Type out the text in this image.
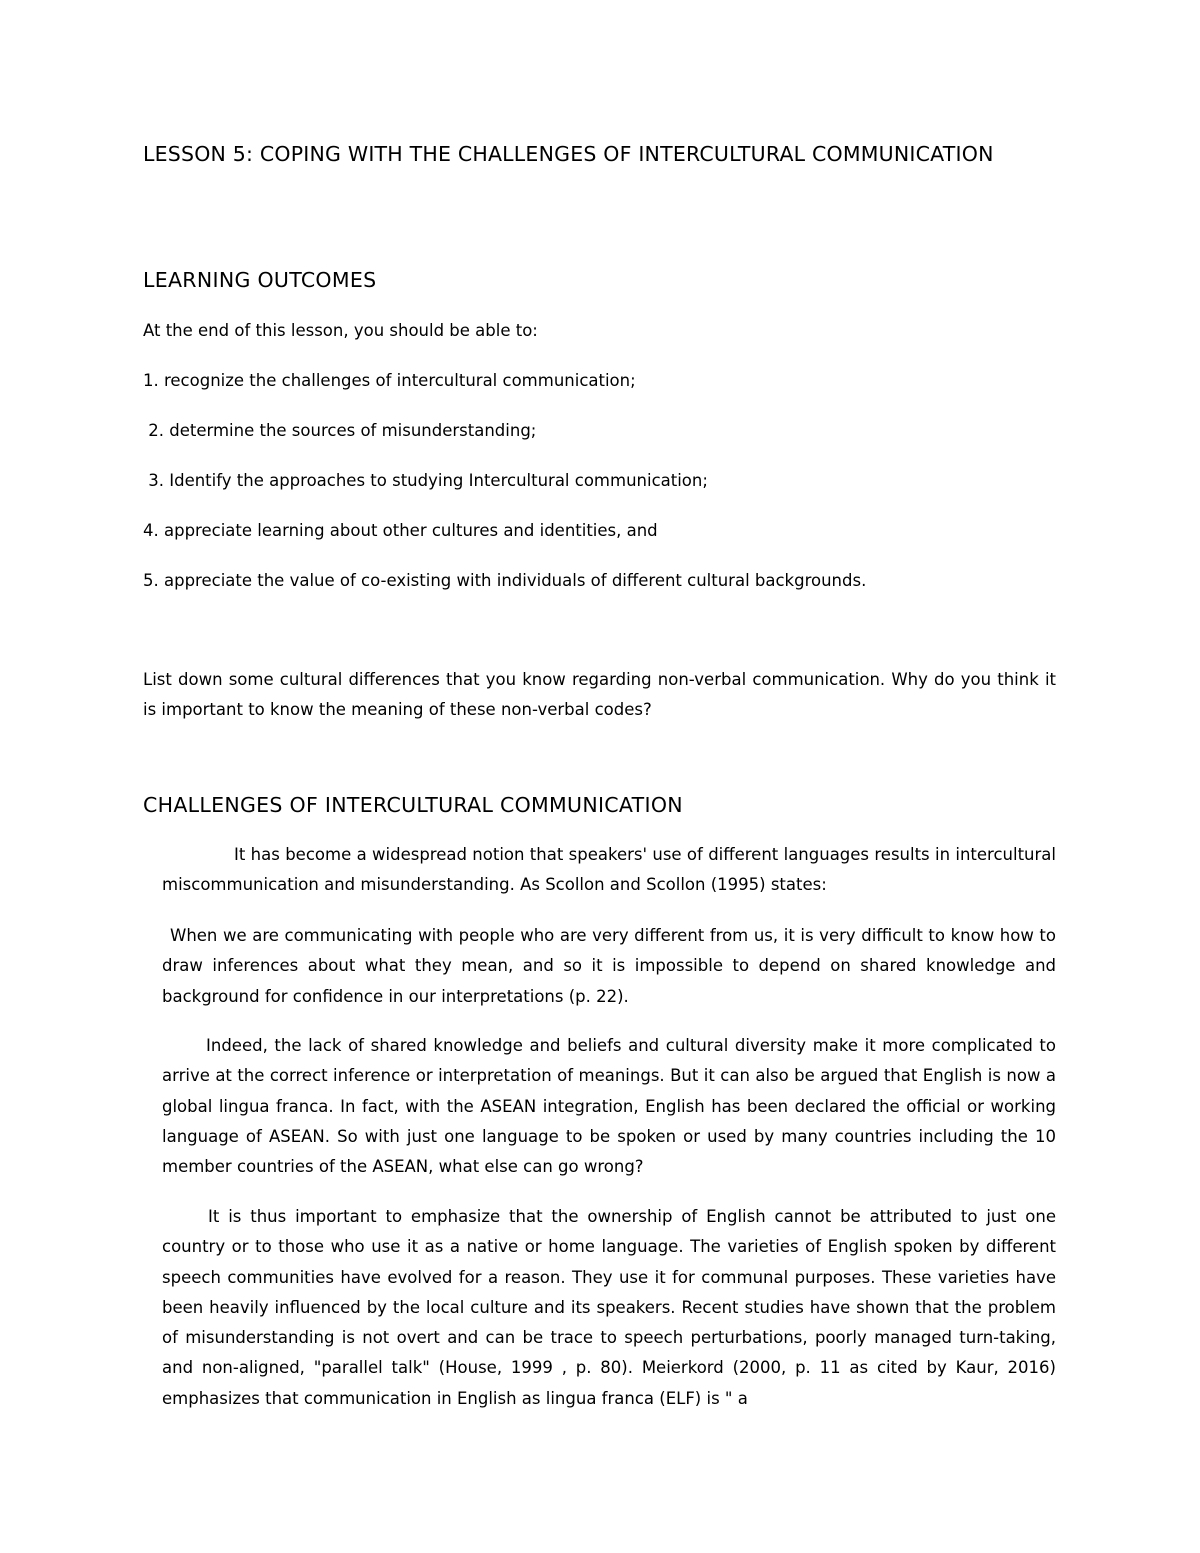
LESSON 5: COPING WITH THE CHALLENGES OF INTERCULTURAL COMMUNICATION
LEARNING OUTCOMES

At the end of this lesson, you should be able to:

1. recognize the challenges of intercultural communication;

2. determine the sources of misunderstanding;

3. Identify the approaches to studying Intercultural communication;

4. appreciate learning about other cultures and identities, and

5. appreciate the value of co-existing with individuals of different cultural backgrounds.

List down some cultural differences that you know regarding non-verbal communication. Why do you think it is important to know the meaning of these non-verbal codes?

CHALLENGES OF INTERCULTURAL COMMUNICATION

It has become a widespread notion that speakers' use of different languages results in intercultural miscommunication and misunderstanding. As Scollon and Scollon (1995) states:

When we are communicating with people who are very different from us, it is very difficult to know how to draw inferences about what they mean, and so it is impossible to depend on shared knowledge and background for confidence in our interpretations (p. 22).

Indeed, the lack of shared knowledge and beliefs and cultural diversity make it more complicated to arrive at the correct inference or interpretation of meanings. But it can also be argued that English is now a global lingua franca. In fact, with the ASEAN integration, English has been declared the official or working language of ASEAN. So with just one language to be spoken or used by many countries including the 10 member countries of the ASEAN, what else can go wrong?

It is thus important to emphasize that the ownership of English cannot be attributed to just one country or to those who use it as a native or home language. The varieties of English spoken by different speech communities have evolved for a reason. They use it for communal purposes. These varieties have been heavily influenced by the local culture and its speakers. Recent studies have shown that the problem of misunderstanding is not overt and can be trace to speech perturbations, poorly managed turn-taking, and non-aligned, "parallel talk" (House, 1999 , p. 80). Meierkord (2000, p. 11 as cited by Kaur, 2016) emphasizes that communication in English as lingua franca (ELF) is " a
